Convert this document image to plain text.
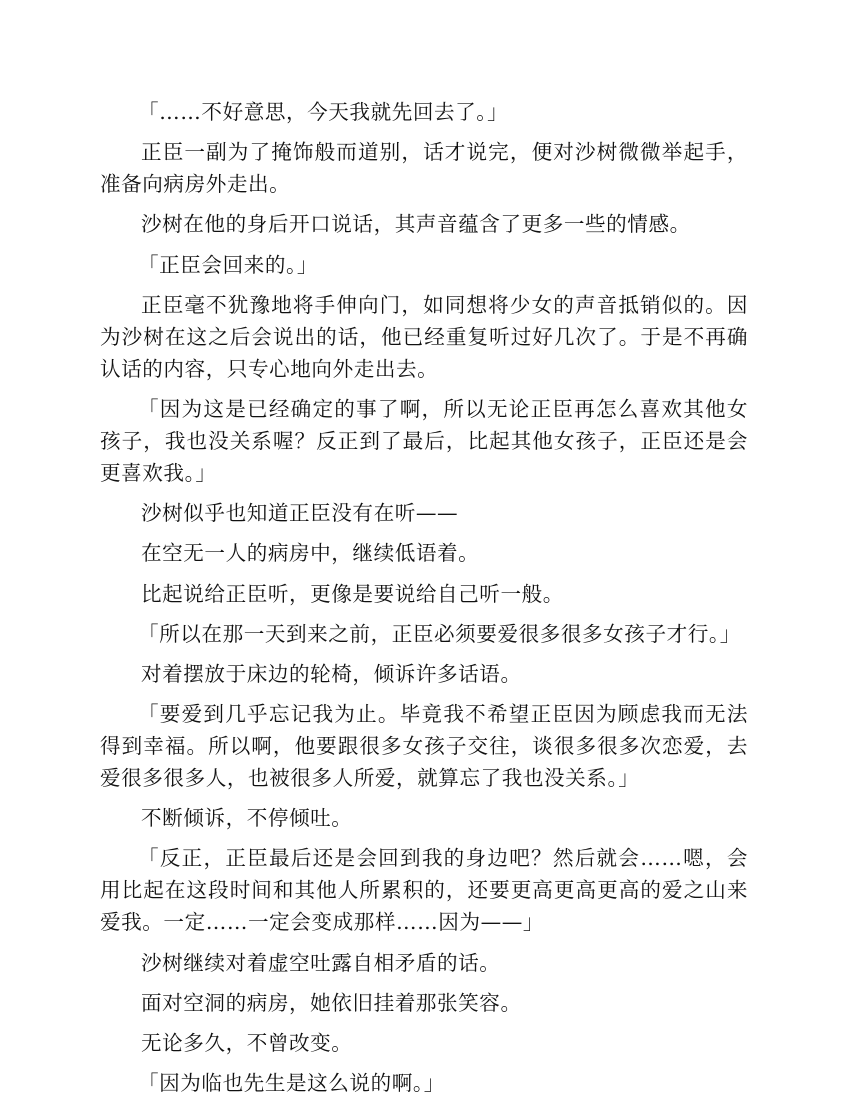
「……不好意思，今天我就先回去了。」

正臣一副为了掩饰般而道别，话才说完，便对沙树微微举起手，准备向病房外走出。

沙树在他的身后开口说话，其声音蕴含了更多一些的情感。

「正臣会回来的。」

正臣毫不犹豫地将手伸向门，如同想将少女的声音抵销似的。因为沙树在这之后会说出的话，他已经重复听过好几次了。于是不再确认话的内容，只专心地向外走出去。

「因为这是已经确定的事了啊，所以无论正臣再怎么喜欢其他女孩子，我也没关系喔？反正到了最后，比起其他女孩子，正臣还是会更喜欢我。」

沙树似乎也知道正臣没有在听——

在空无一人的病房中，继续低语着。

比起说给正臣听，更像是要说给自己听一般。

「所以在那一天到来之前，正臣必须要爱很多很多女孩子才行。」

对着摆放于床边的轮椅，倾诉许多话语。

「要爱到几乎忘记我为止。毕竟我不希望正臣因为顾虑我而无法得到幸福。所以啊，他要跟很多女孩子交往，谈很多很多次恋爱，去爱很多很多人，也被很多人所爱，就算忘了我也没关系。」

不断倾诉，不停倾吐。

「反正，正臣最后还是会回到我的身边吧？然后就会……嗯，会用比起在这段时间和其他人所累积的，还要更高更高更高的爱之山来爱我。一定……一定会变成那样……因为——」

沙树继续对着虚空吐露自相矛盾的话。

面对空洞的病房，她依旧挂着那张笑容。

无论多久，不曾改变。

「因为临也先生是这么说的啊。」
